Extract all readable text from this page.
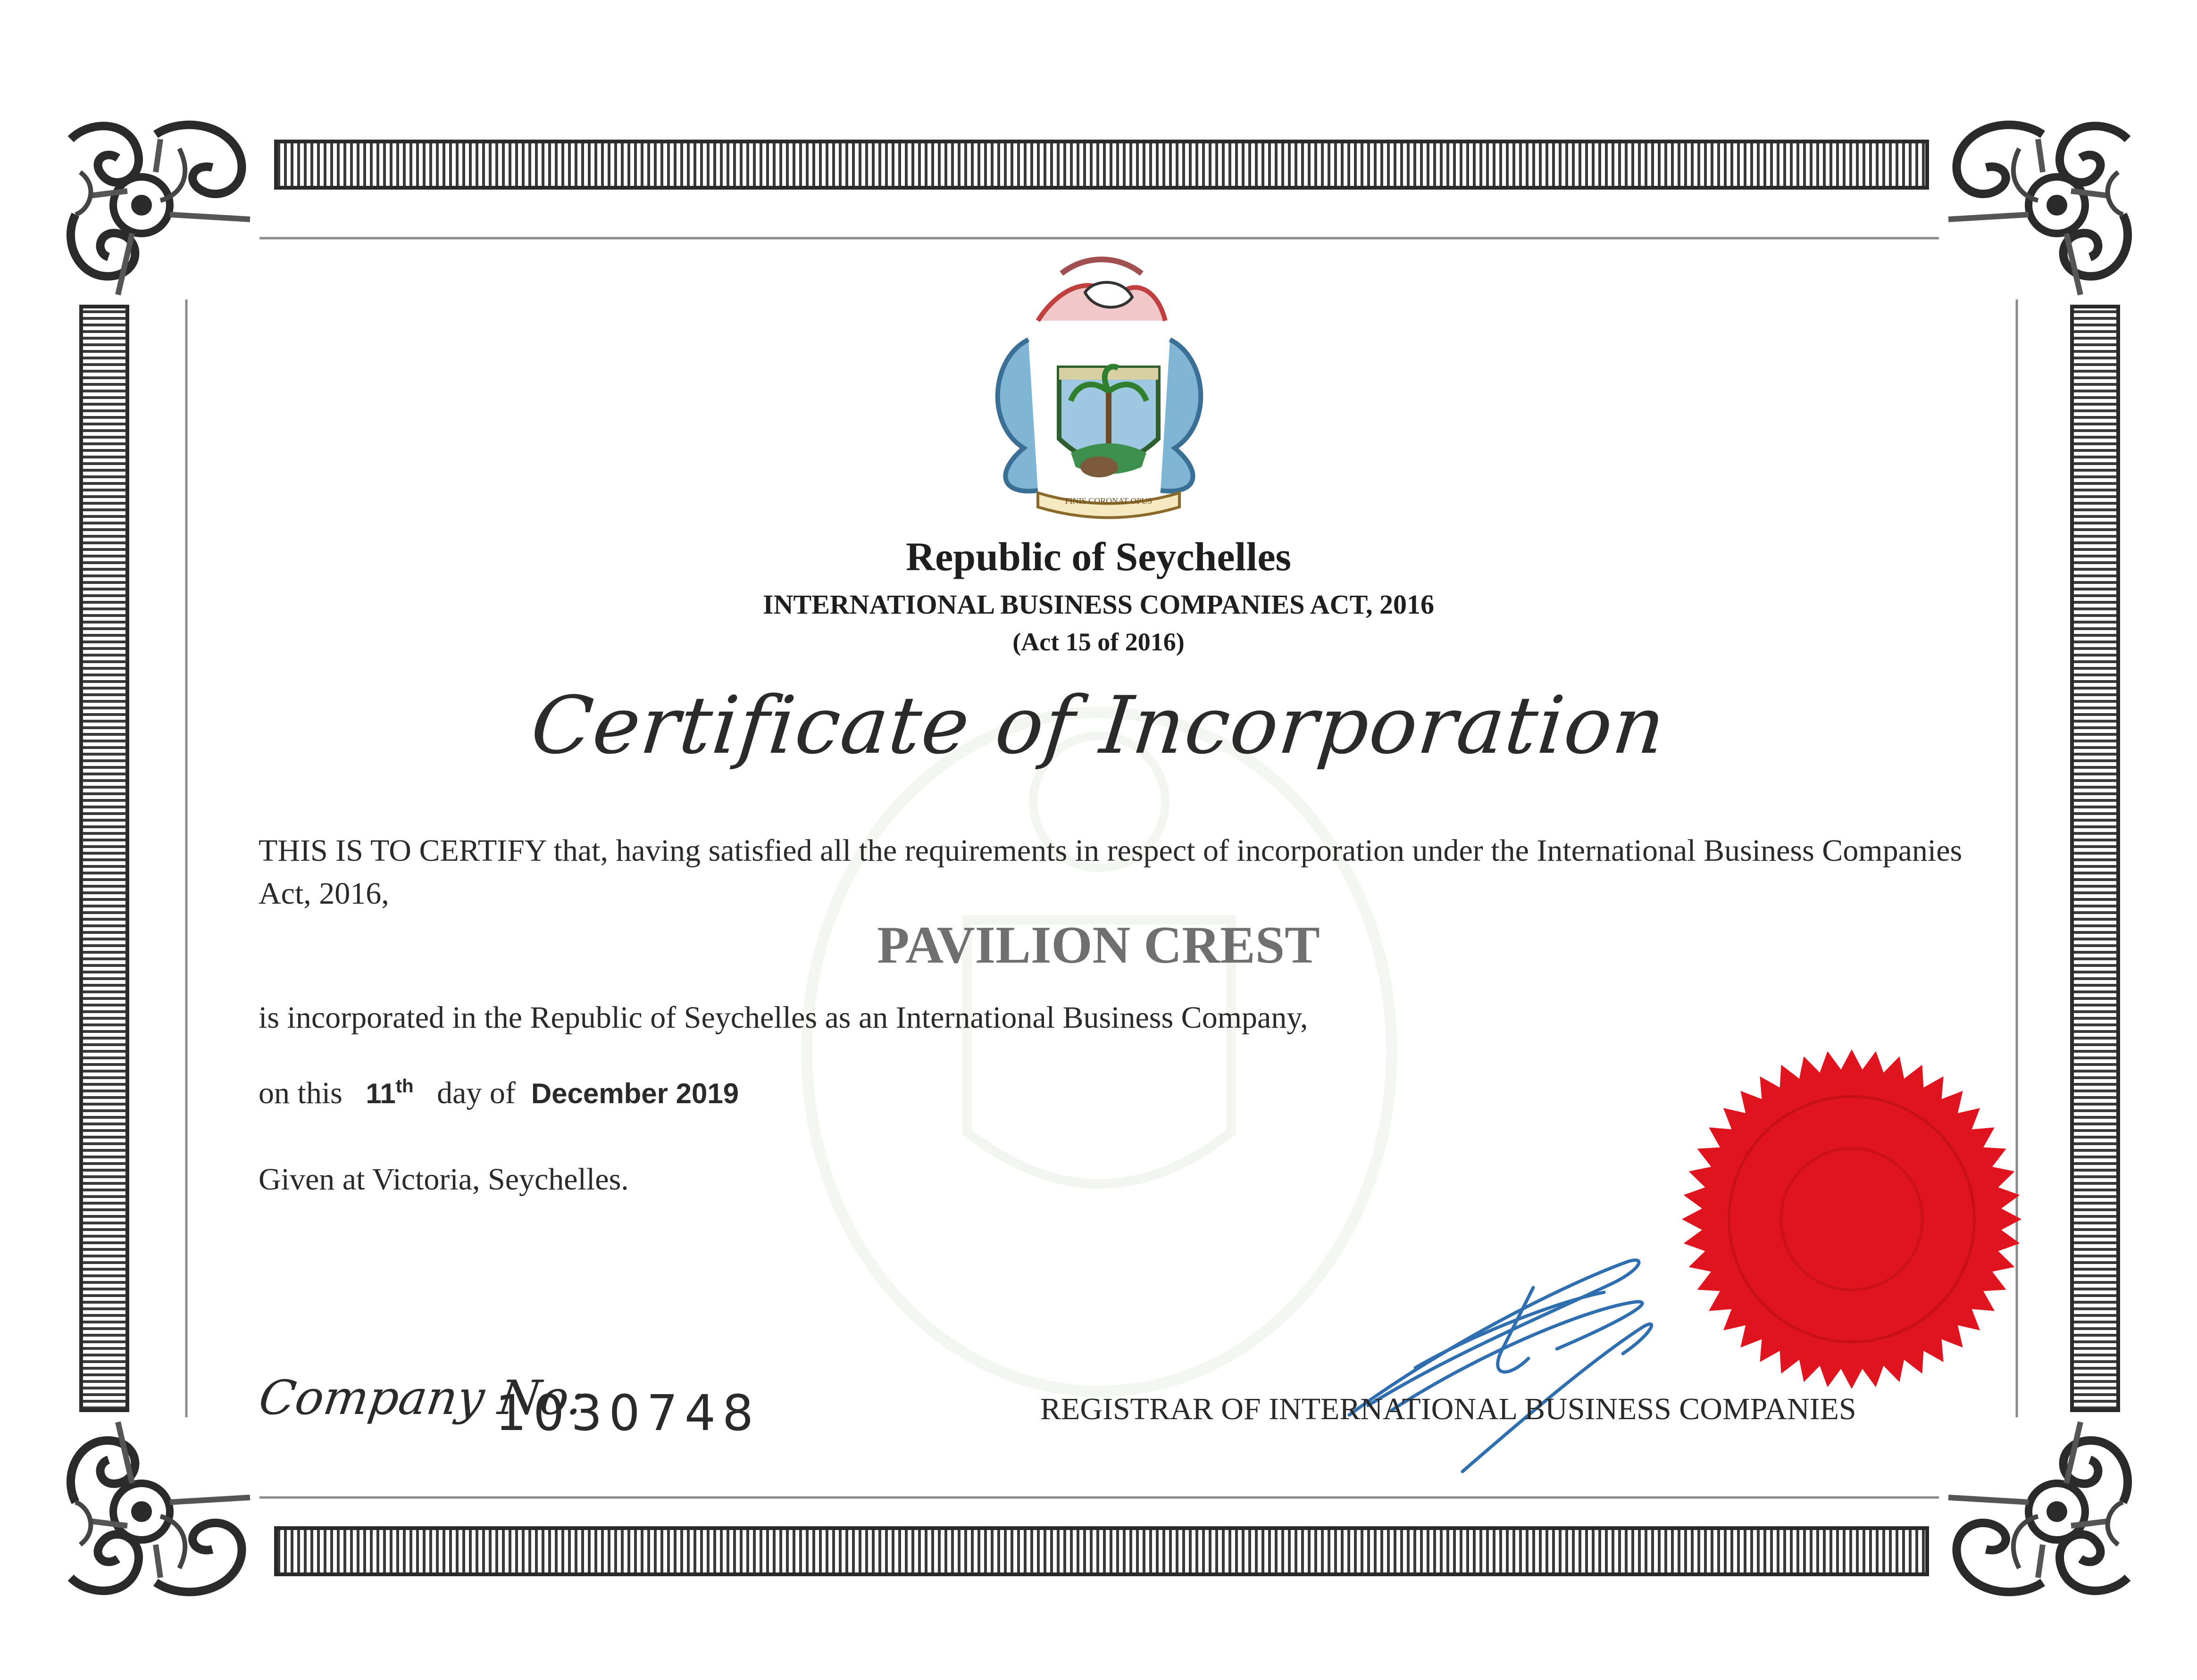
FINIS CORONAT OPUS
Republic of Seychelles
INTERNATIONAL BUSINESS COMPANIES ACT, 2016
(Act 15 of 2016)
Certificate of Incorporation
THIS IS TO CERTIFY that, having satisfied all the requirements in respect of incorporation under the International Business Companies Act, 2016,
PAVILION CREST
is incorporated in the Republic of Seychelles as an International Business Company,
on this 11th day of December 2019
Given at Victoria, Seychelles.
Company No:
1030748	REGISTRAR OF INTERNATIONAL BUSINESS COMPANIES
